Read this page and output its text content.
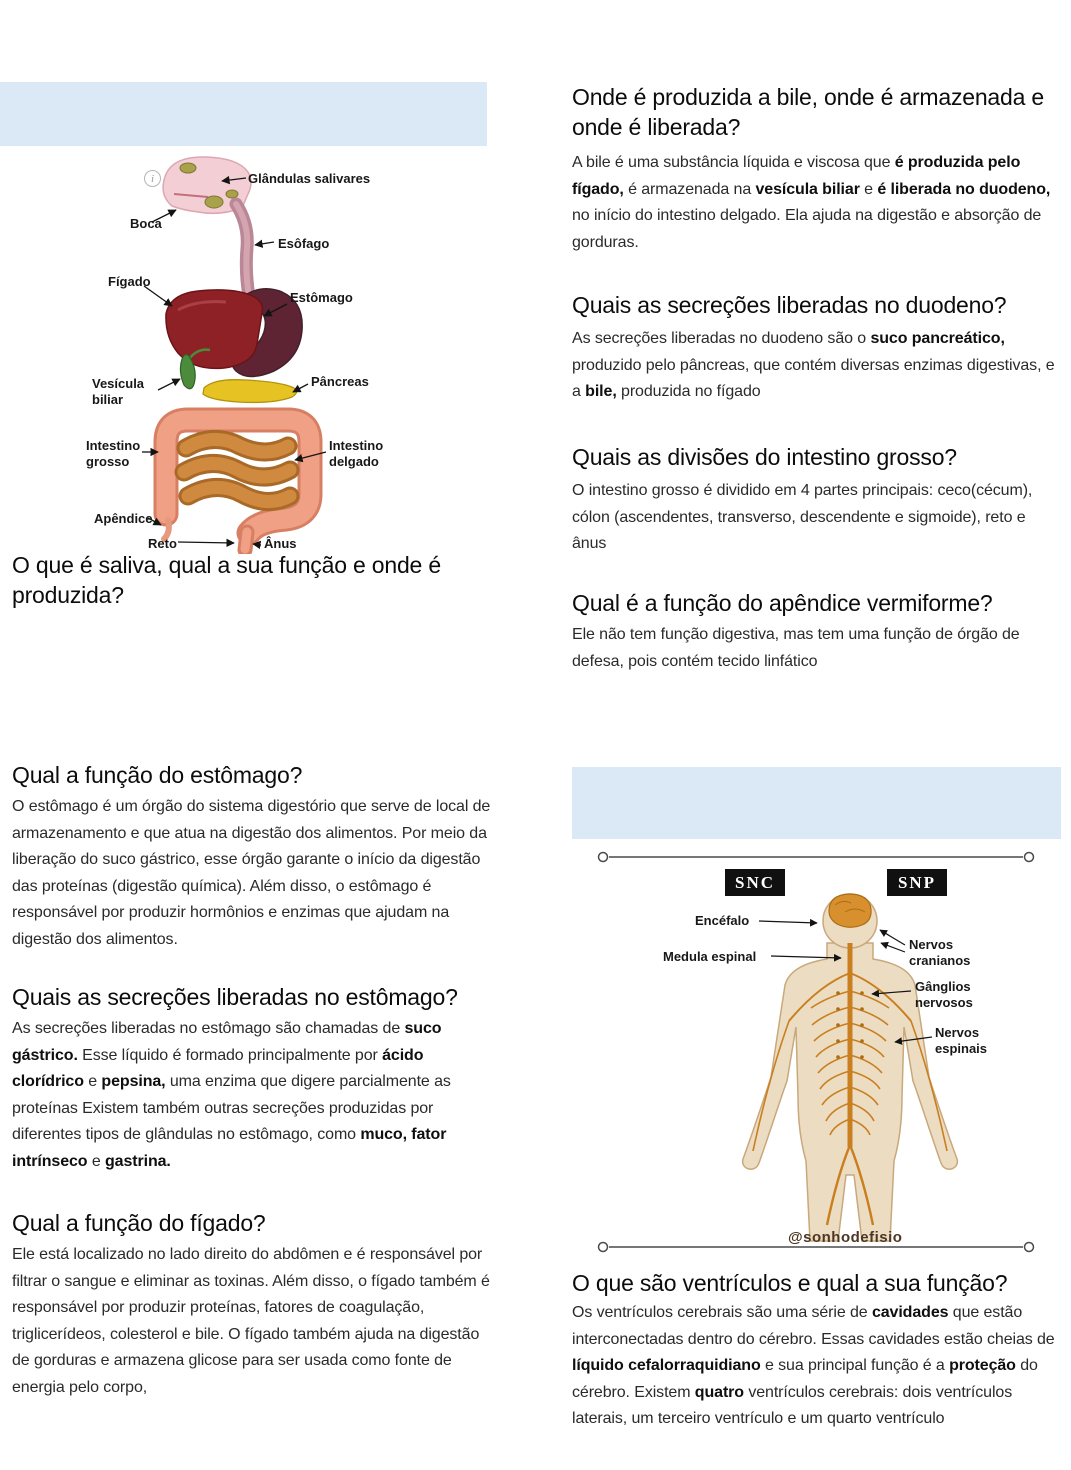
i	Glândulas salivares
Boca
Esôfago
Fígado
Estômago
Pâncreas
Vesícula biliar
Intestino grosso
Intestino delgado
Apêndice
Reto	Ânus
O que é saliva, qual a sua função e onde é produzida?
Qual a função do estômago?
O estômago é um órgão do sistema digestório que serve de local de armazenamento e que atua na digestão dos alimentos. Por meio da liberação do suco gástrico, esse órgão garante o início da digestão das proteínas (digestão química). Além disso, o estômago é responsável por produzir hormônios e enzimas que ajudam na digestão dos alimentos.
Quais as secreções liberadas no estômago?
As secreções liberadas no estômago são chamadas de suco gástrico. Esse líquido é formado principalmente por ácido clorídrico e pepsina, uma enzima que digere parcialmente as proteínas Existem também outras secreções produzidas por diferentes tipos de glândulas no estômago, como muco, fator intrínseco e gastrina.
Qual a função do fígado?
Ele está localizado no lado direito do abdômen e é responsável por filtrar o sangue e eliminar as toxinas. Além disso, o fígado também é responsável por produzir proteínas, fatores de coagulação, triglicerídeos, colesterol e bile. O fígado também ajuda na digestão de gorduras e armazena glicose para ser usada como fonte de energia pelo corpo,
Onde é produzida a bile, onde é armazenada e onde é liberada?
A bile é uma substância líquida e viscosa que é produzida pelo fígado, é armazenada na vesícula biliar e é liberada no duodeno, no início do intestino delgado. Ela ajuda na digestão e absorção de gorduras.
Quais as secreções liberadas no duodeno?
As secreções liberadas no duodeno são o suco pancreático, produzido pelo pâncreas, que contém diversas enzimas digestivas, e a bile, produzida no fígado
Quais as divisões do intestino grosso?
O intestino grosso é dividido em 4 partes principais: ceco(cécum), cólon (ascendentes, transverso, descendente e sigmoide), reto e ânus
Qual é a função do apêndice vermiforme?
Ele não tem função digestiva, mas tem uma função de órgão de defesa, pois contém tecido linfático
SNC	SNP
Encéfalo
Medula espinal
Nervos cranianos
Gânglios nervosos
Nervos espinais
@sonhodefisio
O que são ventrículos e qual a sua função?
Os ventrículos cerebrais são uma série de cavidades que estão interconectadas dentro do cérebro. Essas cavidades estão cheias de líquido cefalorraquidiano e sua principal função é a proteção do cérebro. Existem quatro ventrículos cerebrais: dois ventrículos laterais, um terceiro ventrículo e um quarto ventrículo
